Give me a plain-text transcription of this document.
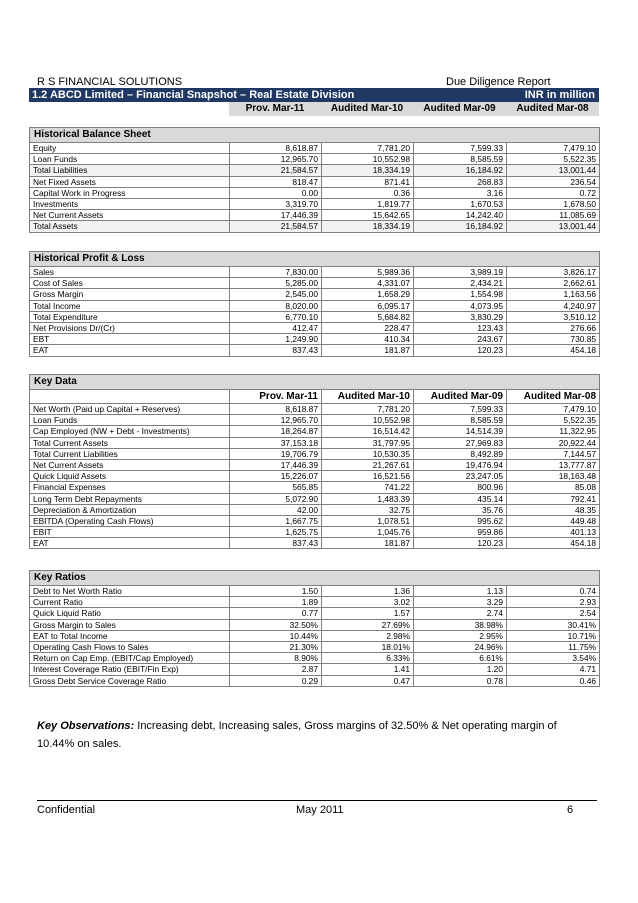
R S FINANCIAL SOLUTIONS	Due Diligence Report
1.2 ABCD Limited – Financial Snapshot – Real Estate Division	INR in million
Prov. Mar-11	Audited Mar-10	Audited Mar-09	Audited Mar-08
Historical Balance Sheet				
Equity	8,618.87	7,781.20	7,599.33	7,479.10
Loan Funds	12,965.70	10,552.98	8,585.59	5,522.35
Total Liabilities	21,584.57	18,334.19	16,184.92	13,001.44
Net Fixed Assets	818.47	871.41	268.83	236.54
Capital Work in Progress	0.00	0.36	3.16	0.72
Investments	3,319.70	1,819.77	1,670.53	1,678.50
Net Current Assets	17,446.39	15,642.65	14,242.40	11,085.69
Total Assets	21,584.57	18,334.19	16,184.92	13,001.44
Historical Profit & Loss				
Sales	7,830.00	5,989.36	3,989.19	3,826.17
Cost of Sales	5,285.00	4,331.07	2,434.21	2,662.61
Gross Margin	2,545.00	1,658.29	1,554.98	1,163.56
Total Income	8,020.00	6,095.17	4,073.95	4,240.97
Total Expenditure	6,770.10	5,684.82	3,830.29	3,510.12
Net Provisions Dr/(Cr)	412.47	228.47	123.43	276.66
EBT	1,249.90	410.34	243.67	730.85
EAT	837.43	181.87	120.23	454.18
Key Data				
	Prov. Mar-11	Audited Mar-10	Audited Mar-09	Audited Mar-08
Net Worth (Paid up Capital + Reserves)	8,618.87	7,781.20	7,599.33	7,479.10
Loan Funds	12,965.70	10,552.98	8,585.59	5,522.35
Cap Employed (NW + Debt - Investments)	18,264.87	16,514.42	14,514.39	11,322.95
Total Current Assets	37,153.18	31,797.95	27,969.83	20,922.44
Total Current Liabilities	19,706.79	10,530.35	8,492.89	7,144.57
Net Current Assets	17,446.39	21,267.61	19,476.94	13,777.87
Quick Liquid Assets	15,226.07	16,521.56	23,247.05	18,163.48
Financial Expenses	565.85	741.22	800.96	85.08
Long Term Debt Repayments	5,072.90	1,483.39	435.14	792.41
Depreciation & Amortization	42.00	32.75	35.76	48.35
EBITDA (Operating Cash Flows)	1,667.75	1,078.51	995.62	449.48
EBIT	1,625.75	1,045.76	959.86	401.13
EAT	837.43	181.87	120.23	454.18
Key Ratios				
Debt to Net Worth Ratio	1.50	1.36	1.13	0.74
Current Ratio	1.89	3.02	3.29	2.93
Quick Liquid Ratio	0.77	1.57	2.74	2.54
Gross Margin to Sales	32.50%	27.69%	38.98%	30.41%
EAT to Total Income	10.44%	2.98%	2.95%	10.71%
Operating Cash Flows to Sales	21.30%	18.01%	24.96%	11.75%
Return on Cap Emp. (EBIT/Cap Employed)	8.90%	6.33%	6.61%	3.54%
Interest Coverage Ratio (EBIT/Fin Exp)	2.87	1.41	1.20	4.71
Gross Debt Service Coverage Ratio	0.29	0.47	0.78	0.46
Key Observations: Increasing debt, Increasing sales, Gross margins of 32.50% & Net operating margin of 10.44% on sales.
Confidential	May 2011	6
